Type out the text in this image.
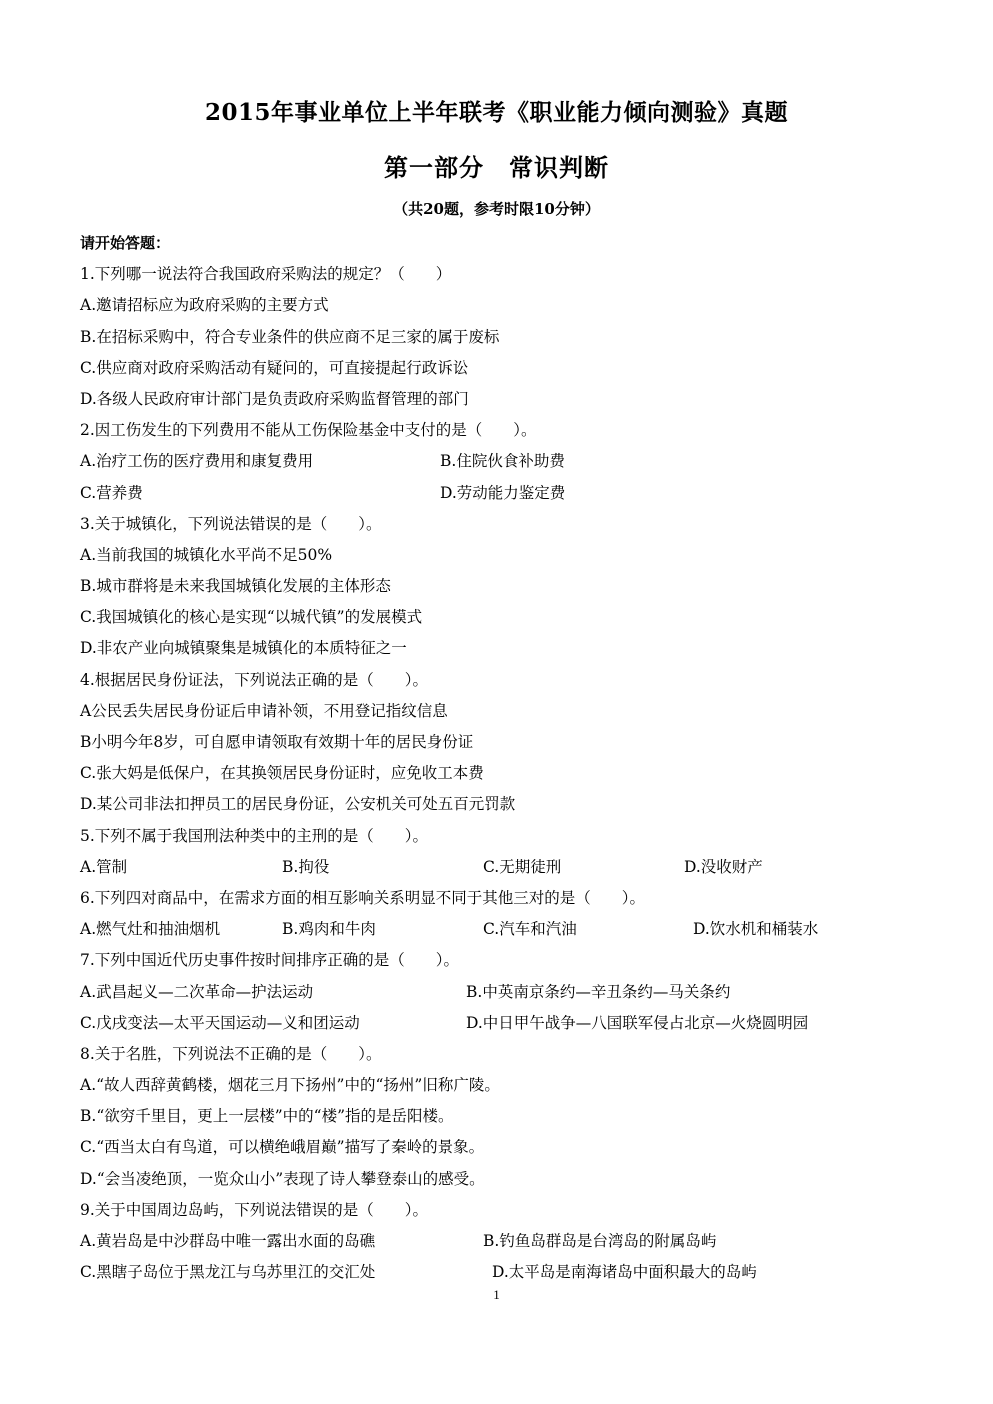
2015年事业单位上半年联考《职业能力倾向测验》真题
第一部分　常识判断
（共20题，参考时限10分钟）
请开始答题：
1.下列哪一说法符合我国政府采购法的规定？（　　）
A.邀请招标应为政府采购的主要方式
B.在招标采购中，符合专业条件的供应商不足三家的属于废标
C.供应商对政府采购活动有疑问的，可直接提起行政诉讼
D.各级人民政府审计部门是负责政府采购监督管理的部门
2.因工伤发生的下列费用不能从工伤保险基金中支付的是（　　）。
A.治疗工伤的医疗费用和康复费用	B.住院伙食补助费
C.营养费	D.劳动能力鉴定费
3.关于城镇化，下列说法错误的是（　　）。
A.当前我国的城镇化水平尚不足50%
B.城市群将是未来我国城镇化发展的主体形态
C.我国城镇化的核心是实现“以城代镇”的发展模式
D.非农产业向城镇聚集是城镇化的本质特征之一
4.根据居民身份证法，下列说法正确的是（　　）。
A公民丢失居民身份证后申请补领，不用登记指纹信息
B小明今年8岁，可自愿申请领取有效期十年的居民身份证
C.张大妈是低保户，在其换领居民身份证时，应免收工本费
D.某公司非法扣押员工的居民身份证，公安机关可处五百元罚款
5.下列不属于我国刑法种类中的主刑的是（　　）。
A.管制	B.拘役	C.无期徒刑	D.没收财产
6.下列四对商品中，在需求方面的相互影响关系明显不同于其他三对的是（　　）。
A.燃气灶和抽油烟机	B.鸡肉和牛肉	C.汽车和汽油	D.饮水机和桶装水
7.下列中国近代历史事件按时间排序正确的是（　　）。
A.武昌起义—二次革命—护法运动	B.中英南京条约—辛丑条约—马关条约
C.戊戌变法—太平天国运动—义和团运动	D.中日甲午战争—八国联军侵占北京—火烧圆明园
8.关于名胜，下列说法不正确的是（　　）。
A.“故人西辞黄鹤楼，烟花三月下扬州”中的“扬州”旧称广陵。
B.“欲穷千里目，更上一层楼”中的“楼”指的是岳阳楼。
C.“西当太白有鸟道，可以横绝峨眉巅”描写了秦岭的景象。
D.“会当凌绝顶，一览众山小”表现了诗人攀登泰山的感受。
9.关于中国周边岛屿，下列说法错误的是（　　）。
A.黄岩岛是中沙群岛中唯一露出水面的岛礁	B.钓鱼岛群岛是台湾岛的附属岛屿
C.黑瞎子岛位于黑龙江与乌苏里江的交汇处	D.太平岛是南海诸岛中面积最大的岛屿
1
